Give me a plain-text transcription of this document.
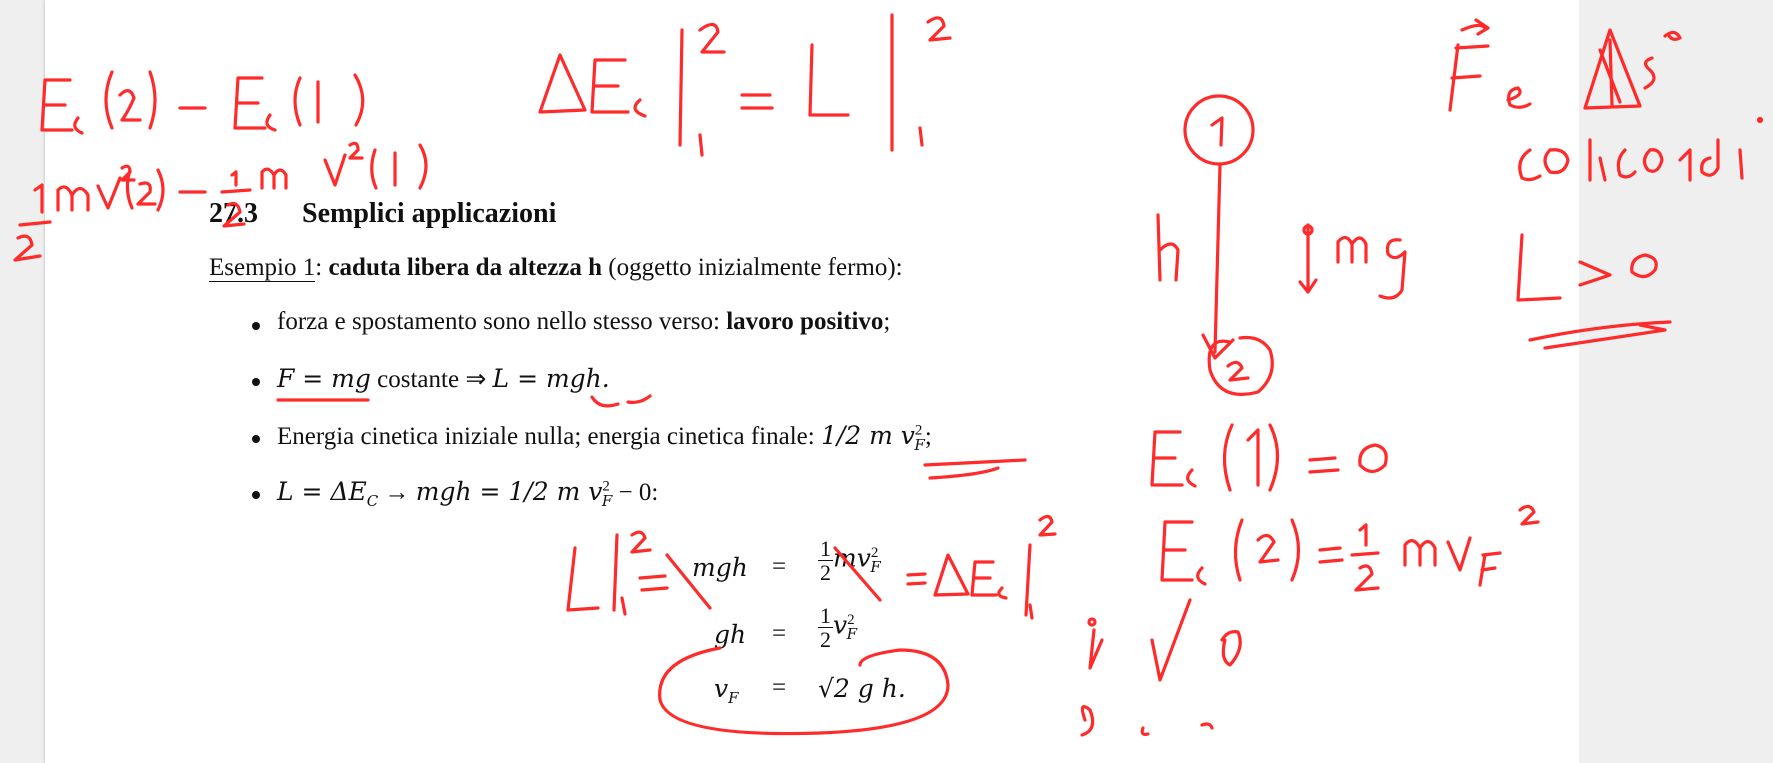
27.3 Semplici applicazioni
Esempio 1: caduta libera da altezza h (oggetto inizialmente fermo):
forza e spostamento sono nello stesso verso: lavoro positivo;
F = mg costante ⇒ L = mgh.
Energia cinetica iniziale nulla; energia cinetica finale: 1/2 m $v^2_F$;
$L = \Delta E_C$ → mgh = 1/2 m $v^2_F - 0$:
mgh = $\frac{1}{2} mv^2_F$
gh = $\frac{1}{2} v^2_F$
$v_F = √2$ g h.
